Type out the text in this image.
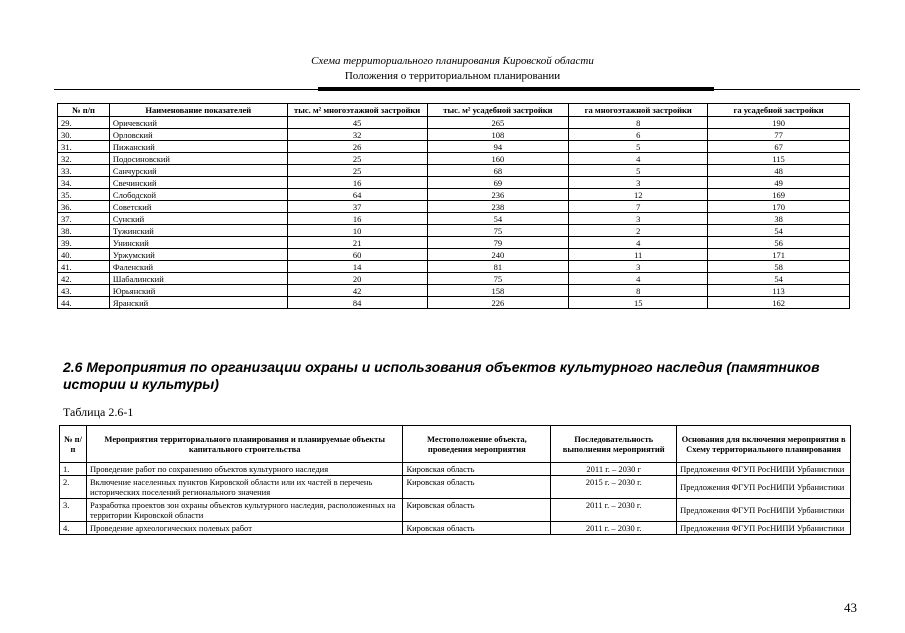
Схема территориального планирования Кировской области
Положения о территориальном планировании
№ п/п	Наименование показателей	тыс. м² многоэтажной застройки	тыс. м² усадебной застройки	га многоэтажной застройки	га усадебной застройки
29.	Оричевский	45	265	8	190
30.	Орловский	32	108	6	77
31.	Пижанский	26	94	5	67
32.	Подосиновский	25	160	4	115
33.	Санчурский	25	68	5	48
34.	Свечинский	16	69	3	49
35.	Слободской	64	236	12	169
36.	Советский	37	238	7	170
37.	Сунский	16	54	3	38
38.	Тужинский	10	75	2	54
39.	Унинский	21	79	4	56
40.	Уржумский	60	240	11	171
41.	Фаленский	14	81	3	58
42.	Шабалинский	20	75	4	54
43.	Юрьянский	42	158	8	113
44.	Яранский	84	226	15	162
2.6 Мероприятия по организации охраны и использования объектов культурного наследия (памятников истории и культуры)
Таблица 2.6-1
№ п/п	Мероприятия территориального планирования и планируемые объекты капитального строительства	Местоположение объекта, проведения мероприятия	Последовательность выполнения мероприятий	Основания для включения мероприятия в Схему территориального планирования
1.	Проведение работ по сохранению объектов культурного наследия	Кировская область	2011 г. – 2030 г	Предложения ФГУП РосНИПИ Урбанистики
2.	Включение населенных пунктов Кировской области или их частей в перечень исторических поселений регионального значения	Кировская область	2015 г. – 2030 г.	Предложения ФГУП РосНИПИ Урбанистики
3.	Разработка проектов зон охраны объектов культурного наследия, расположенных на территории Кировской области	Кировская область	2011 г. – 2030 г.	Предложения ФГУП РосНИПИ Урбанистики
4.	Проведение археологических полевых работ	Кировская область	2011 г. – 2030 г.	Предложения ФГУП РосНИПИ Урбанистики
43
